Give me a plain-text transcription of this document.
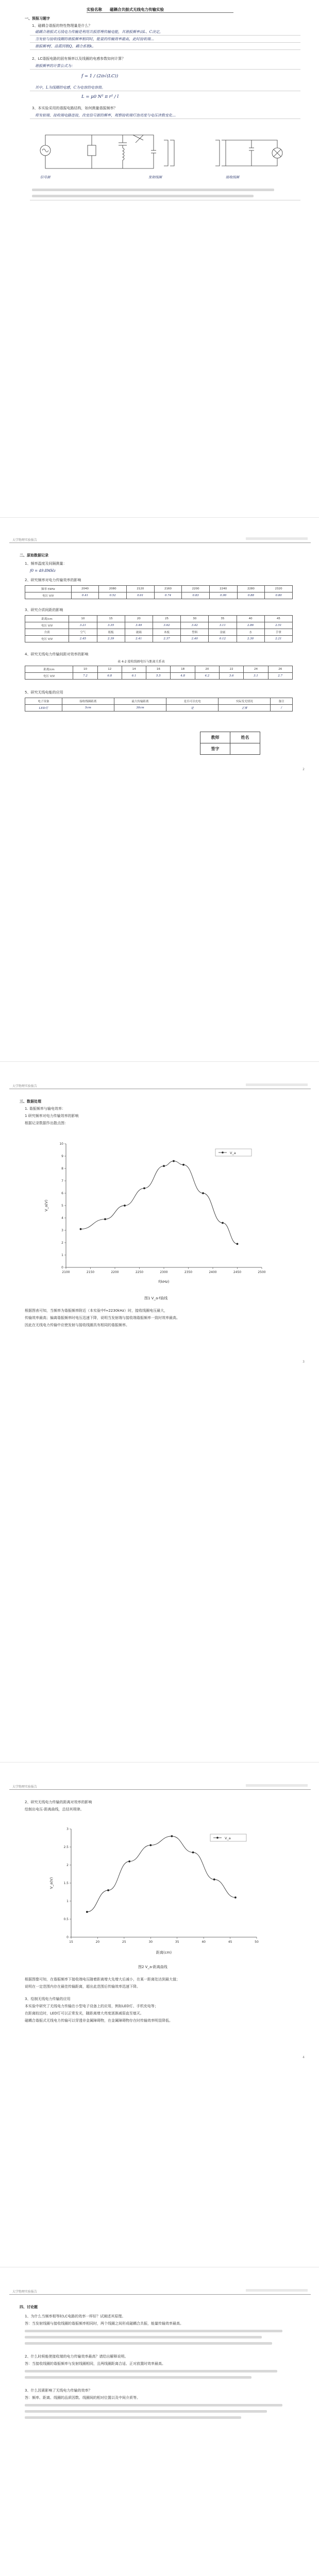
实验名称 磁耦合共振式无线电力传输实验
一、预报习题字
1、磁耦合谐振的特性物理量是什么？
磁耦合谐振式无线电力传输是利用共振原理传输电能，其谐振频率由L、C决定，
当发射与接收线圈的谐振频率相同时，能量的传输效率最高，此时接收端…
谐振频率f、品质因数Q、耦合系数k。
2、LC谐振电路的固有频率以及线圈的电感参数如何计算？
谐振频率的计算公式为：
f = 1 / (2π√(LC))
其中，L为线圈的电感，C为电容的电容值。
L = μ0 N² π r² / l
3、本实验采用的谐振电路结构，如何测量谐振频率？
将发射端、接收端电路连接，改变信号源的频率，观察接收端灯泡亮度与电压读数变化…
信号源	发射线圈	接收线圈
大学物理实验报告
二、原始数据记录
1、频率温度及间隔测量：
f0 = 49.8MHz
2、研究频率对电力传输效率的影响
频率 f/kHz	2040	2080	2120	2160	2200	2240	2280	2320
电压 V/V	0.41	0.52	0.61	0.74	0.83	0.90	0.88	0.80
3、研究介质间距的影响
距离/cm	10	15	20	25	30	35	40	45
电压 V/V	3.21	3.35	3.49	3.62	3.42	3.11	2.86	2.51
介质	空气	纸板	玻璃	木板	塑料	金属	水	手掌
电压 V/V	2.45	2.39	2.41	2.37	2.40	0.12	2.30	2.21
4、研究无线电力传输间距对效率的影响
表 4-2 接收线圈电压与距离关系表
距离/cm	10	12	14	16	18	20	22	24	26
电压 V/V	7.2	6.8	6.1	5.5	4.8	4.2	3.6	3.1	2.7
5、研究无线电能的应用
电子设备	接收线圈距离	最大传输距离	是否可以充电	实际发光情况	备注
LED灯	5cm	30cm	是	正常	/
教师	姓名
签字	
2
大学物理实验报告
三、数据处理
1. 谐振频率与输电效率：
1 研究频率对电力传输效率的影响
根据记录数据作出散点图：
V_a(V)
f(kHz)
V_a
2100	2150	2200	2250	2300	2350	2400	2450	2500
0
1
2
3
4
5
6
7
8
9
10
图1 V_a-f曲线
根据图表可知，当频率为谐振频率附近（本实验中f≈2230kHz）时，接收线圈电压最大，
传输效率最高；偏离谐振频率时电压迅速下降，说明当发射端与接收端谐振频率一致时效率最高。
因此在无线电力传输中应使发射与接收线圈具有相同的谐振频率。
3
大学物理实验报告
2、研究无线电力传输的距离对效率的影响
绘制出电压-距离曲线，总结其规律。
V_a(V)
距离(cm)
V_a
15	20	25	30	35	40	45	50
0
0.5
1
1.5
2
2.5
3
图2 V_a-距离曲线
根据图像可知，在谐振频率下接收端电压随着距离增大先增大后减小，在某一距离处达到最大值；
说明在一定范围内存在最佳传输距离，超出此范围后传输效率迅速下降。
3、绘制无线电力传输的应用
本实验中研究了无线电力传输在小型电子设备上的应用，例如LED灯、手机充电等；
在距离较近时，LED灯可以正常发光，随距离增大亮度逐渐减弱直至熄灭。
磁耦合谐振式无线电力传输可以穿透非金属障碍物，在金属障碍物存在时传输效率明显降低。
4
大学物理实验报告
四、讨论题
1、为什么当频率相等时LC电路的效率一样好？试阐述其原理。
答：当发射线圈与接收线圈的谐振频率相同时，两个线圈之间形成磁耦合共振，能量传输效率最高。
2、什么时候能使接收端的电力传输效率最高？请给出解释说明。
答：当接收线圈的谐振频率与发射线圈相同，且两线圈距离合适、正对放置时效率最高。
3、什么因素影响了无线电力传输的效率？
答：频率、距离、线圈的品质因数、线圈间的相对位置以及中间介质等。
